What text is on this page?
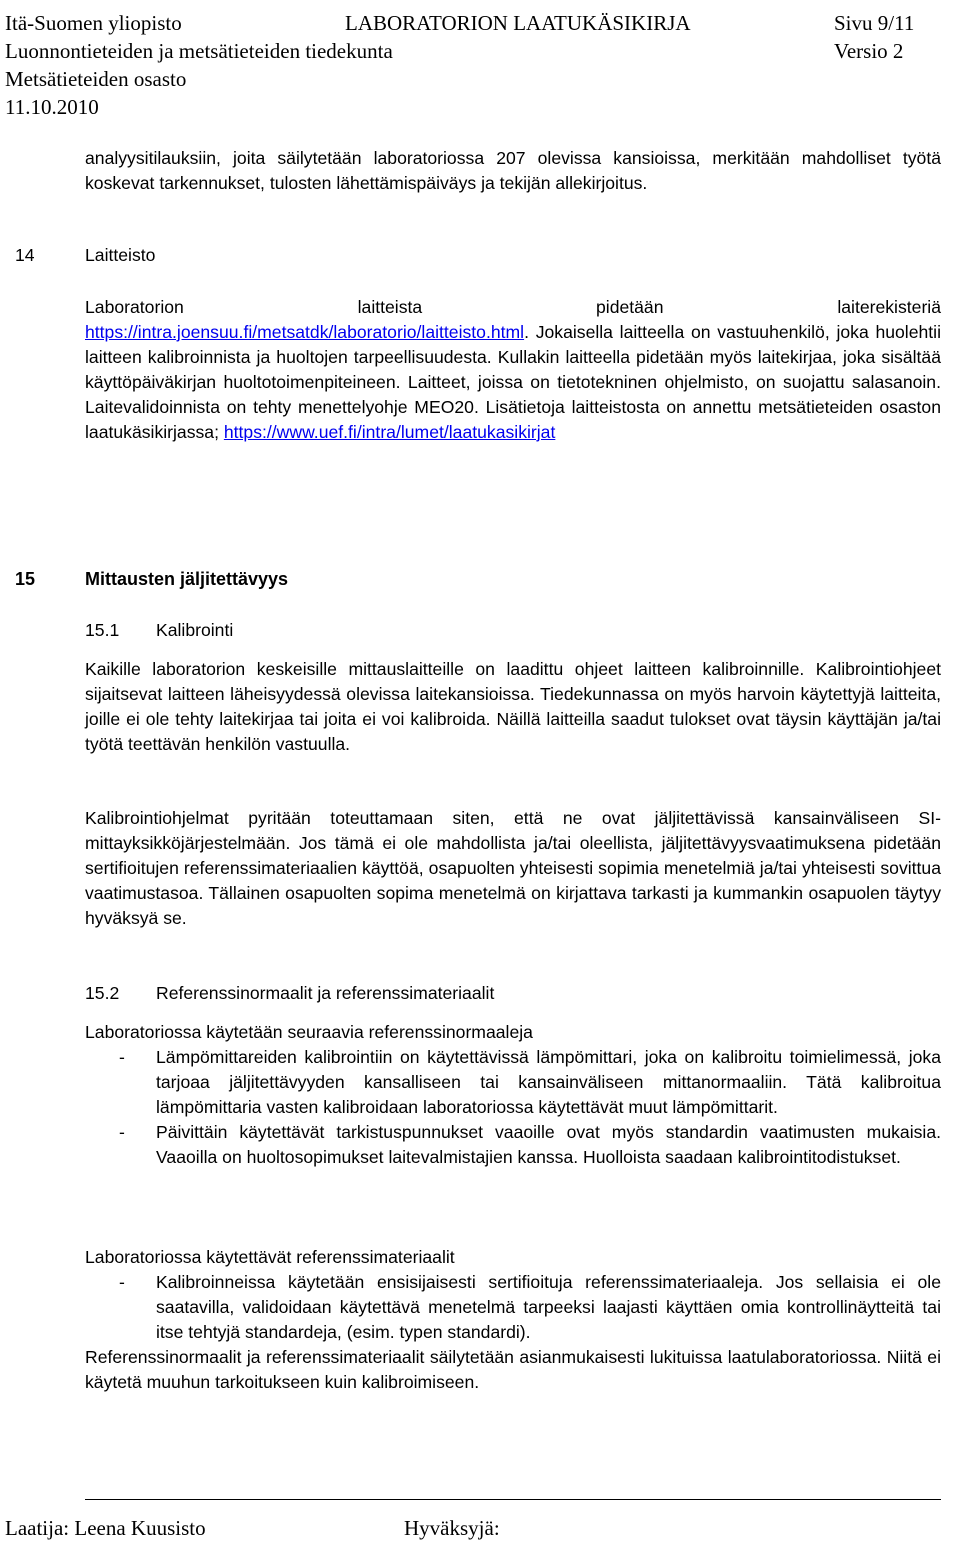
Itä-Suomen yliopisto	LABORATORION LAATUKÄSIKIRJA	Sivu 9/11
Luonnontieteiden ja metsätieteiden tiedekunta	Versio 2
Metsätieteiden osasto
11.10.2010
analyysitilauksiin, joita säilytetään laboratoriossa 207 olevissa kansioissa, merkitään mahdolliset työtä koskevat tarkennukset, tulosten lähettämispäiväys ja tekijän allekirjoitus.
14	Laitteisto
Laboratorion	laitteista	pidetään	laiterekisteriä

https://intra.joensuu.fi/metsatdk/laboratorio/laitteisto.html. Jokaisella laitteella on vastuuhenkilö, joka huolehtii laitteen kalibroinnista ja huoltojen tarpeellisuudesta. Kullakin laitteella pidetään myös laitekirjaa, joka sisältää käyttöpäiväkirjan huoltotoimenpiteineen. Laitteet, joissa on tietotekninen ohjelmisto, on suojattu salasanoin. Laitevalidoinnista on tehty menettelyohje MEO20. Lisätietoja laitteistosta on annettu metsätieteiden osaston laatukäsikirjassa; https://www.uef.fi/intra/lumet/laatukasikirjat

15	Mittausten jäljitettävyys
15.1 Kalibrointi
Kaikille laboratorion keskeisille mittauslaitteille on laadittu ohjeet laitteen kalibroinnille. Kalibrointiohjeet sijaitsevat laitteen läheisyydessä olevissa laitekansioissa. Tiedekunnassa on myös harvoin käytettyjä laitteita, joille ei ole tehty laitekirjaa tai joita ei voi kalibroida. Näillä laitteilla saadut tulokset ovat täysin käyttäjän ja/tai työtä teettävän henkilön vastuulla.
Kalibrointiohjelmat pyritään toteuttamaan siten, että ne ovat jäljitettävissä kansainväliseen SI-mittayksikköjärjestelmään. Jos tämä ei ole mahdollista ja/tai oleellista, jäljitettävyysvaatimuksena pidetään sertifioitujen referenssimateriaalien käyttöä, osapuolten yhteisesti sopimia menetelmiä ja/tai yhteisesti sovittua vaatimustasoa. Tällainen osapuolten sopima menetelmä on kirjattava tarkasti ja kummankin osapuolen täytyy hyväksyä se.
15.2 Referenssinormaalit ja referenssimateriaalit

Laboratoriossa käytetään seuraavia referenssinormaaleja

- Lämpömittareiden kalibrointiin on käytettävissä lämpömittari, joka on kalibroitu toimielimessä, joka tarjoaa jäljitettävyyden kansalliseen tai kansainväliseen mittanormaaliin. Tätä kalibroitua lämpömittaria vasten kalibroidaan laboratoriossa käytettävät muut lämpömittarit.
- Päivittäin käytettävät tarkistuspunnukset vaaoille ovat myös standardin vaatimusten mukaisia. Vaaoilla on huoltosopimukset laitevalmistajien kanssa. Huolloista saadaan kalibrointitodistukset.

Laboratoriossa käytettävät referenssimateriaalit

- Kalibroinneissa käytetään ensisijaisesti sertifioituja referenssimateriaaleja. Jos sellaisia ei ole saatavilla, validoidaan käytettävä menetelmä tarpeeksi laajasti käyttäen omia kontrollinäytteitä tai itse tehtyjä standardeja, (esim. typen standardi).

Referenssinormaalit ja referenssimateriaalit säilytetään asianmukaisesti lukituissa laatulaboratoriossa. Niitä ei käytetä muuhun tarkoitukseen kuin kalibroimiseen.

Laatija: Leena Kuusisto	Hyväksyjä:
